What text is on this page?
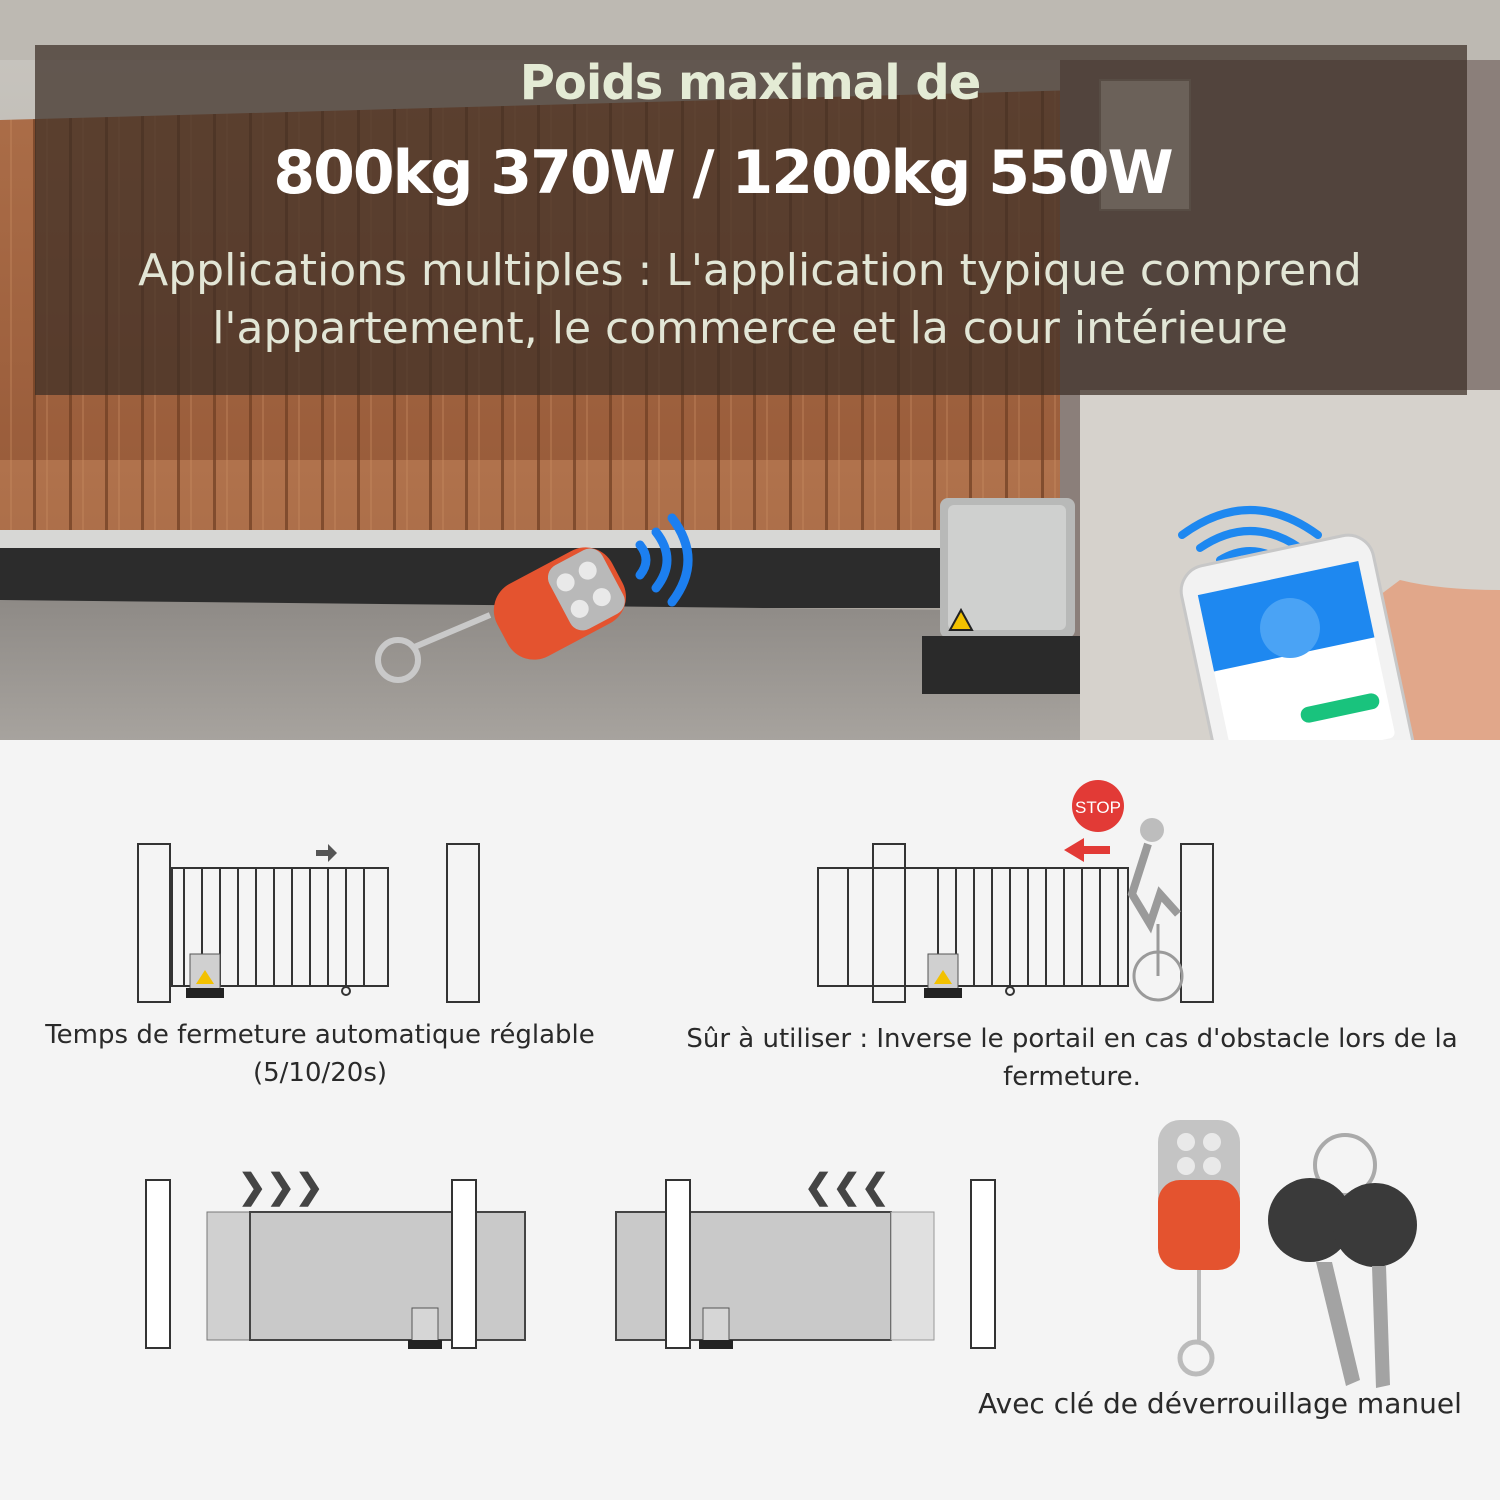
Poids maximal de
800kg 370W / 1200kg 550W
Applications multiples : L'application typique comprend
l'appartement, le commerce et la cour intérieure
STOP
❯❯❯	❮❮❮
Temps de fermeture automatique réglable
(5/10/20s)
Sûr à utiliser : Inverse le portail en cas d'obstacle lors de la
fermeture.
Avec clé de déverrouillage manuel
